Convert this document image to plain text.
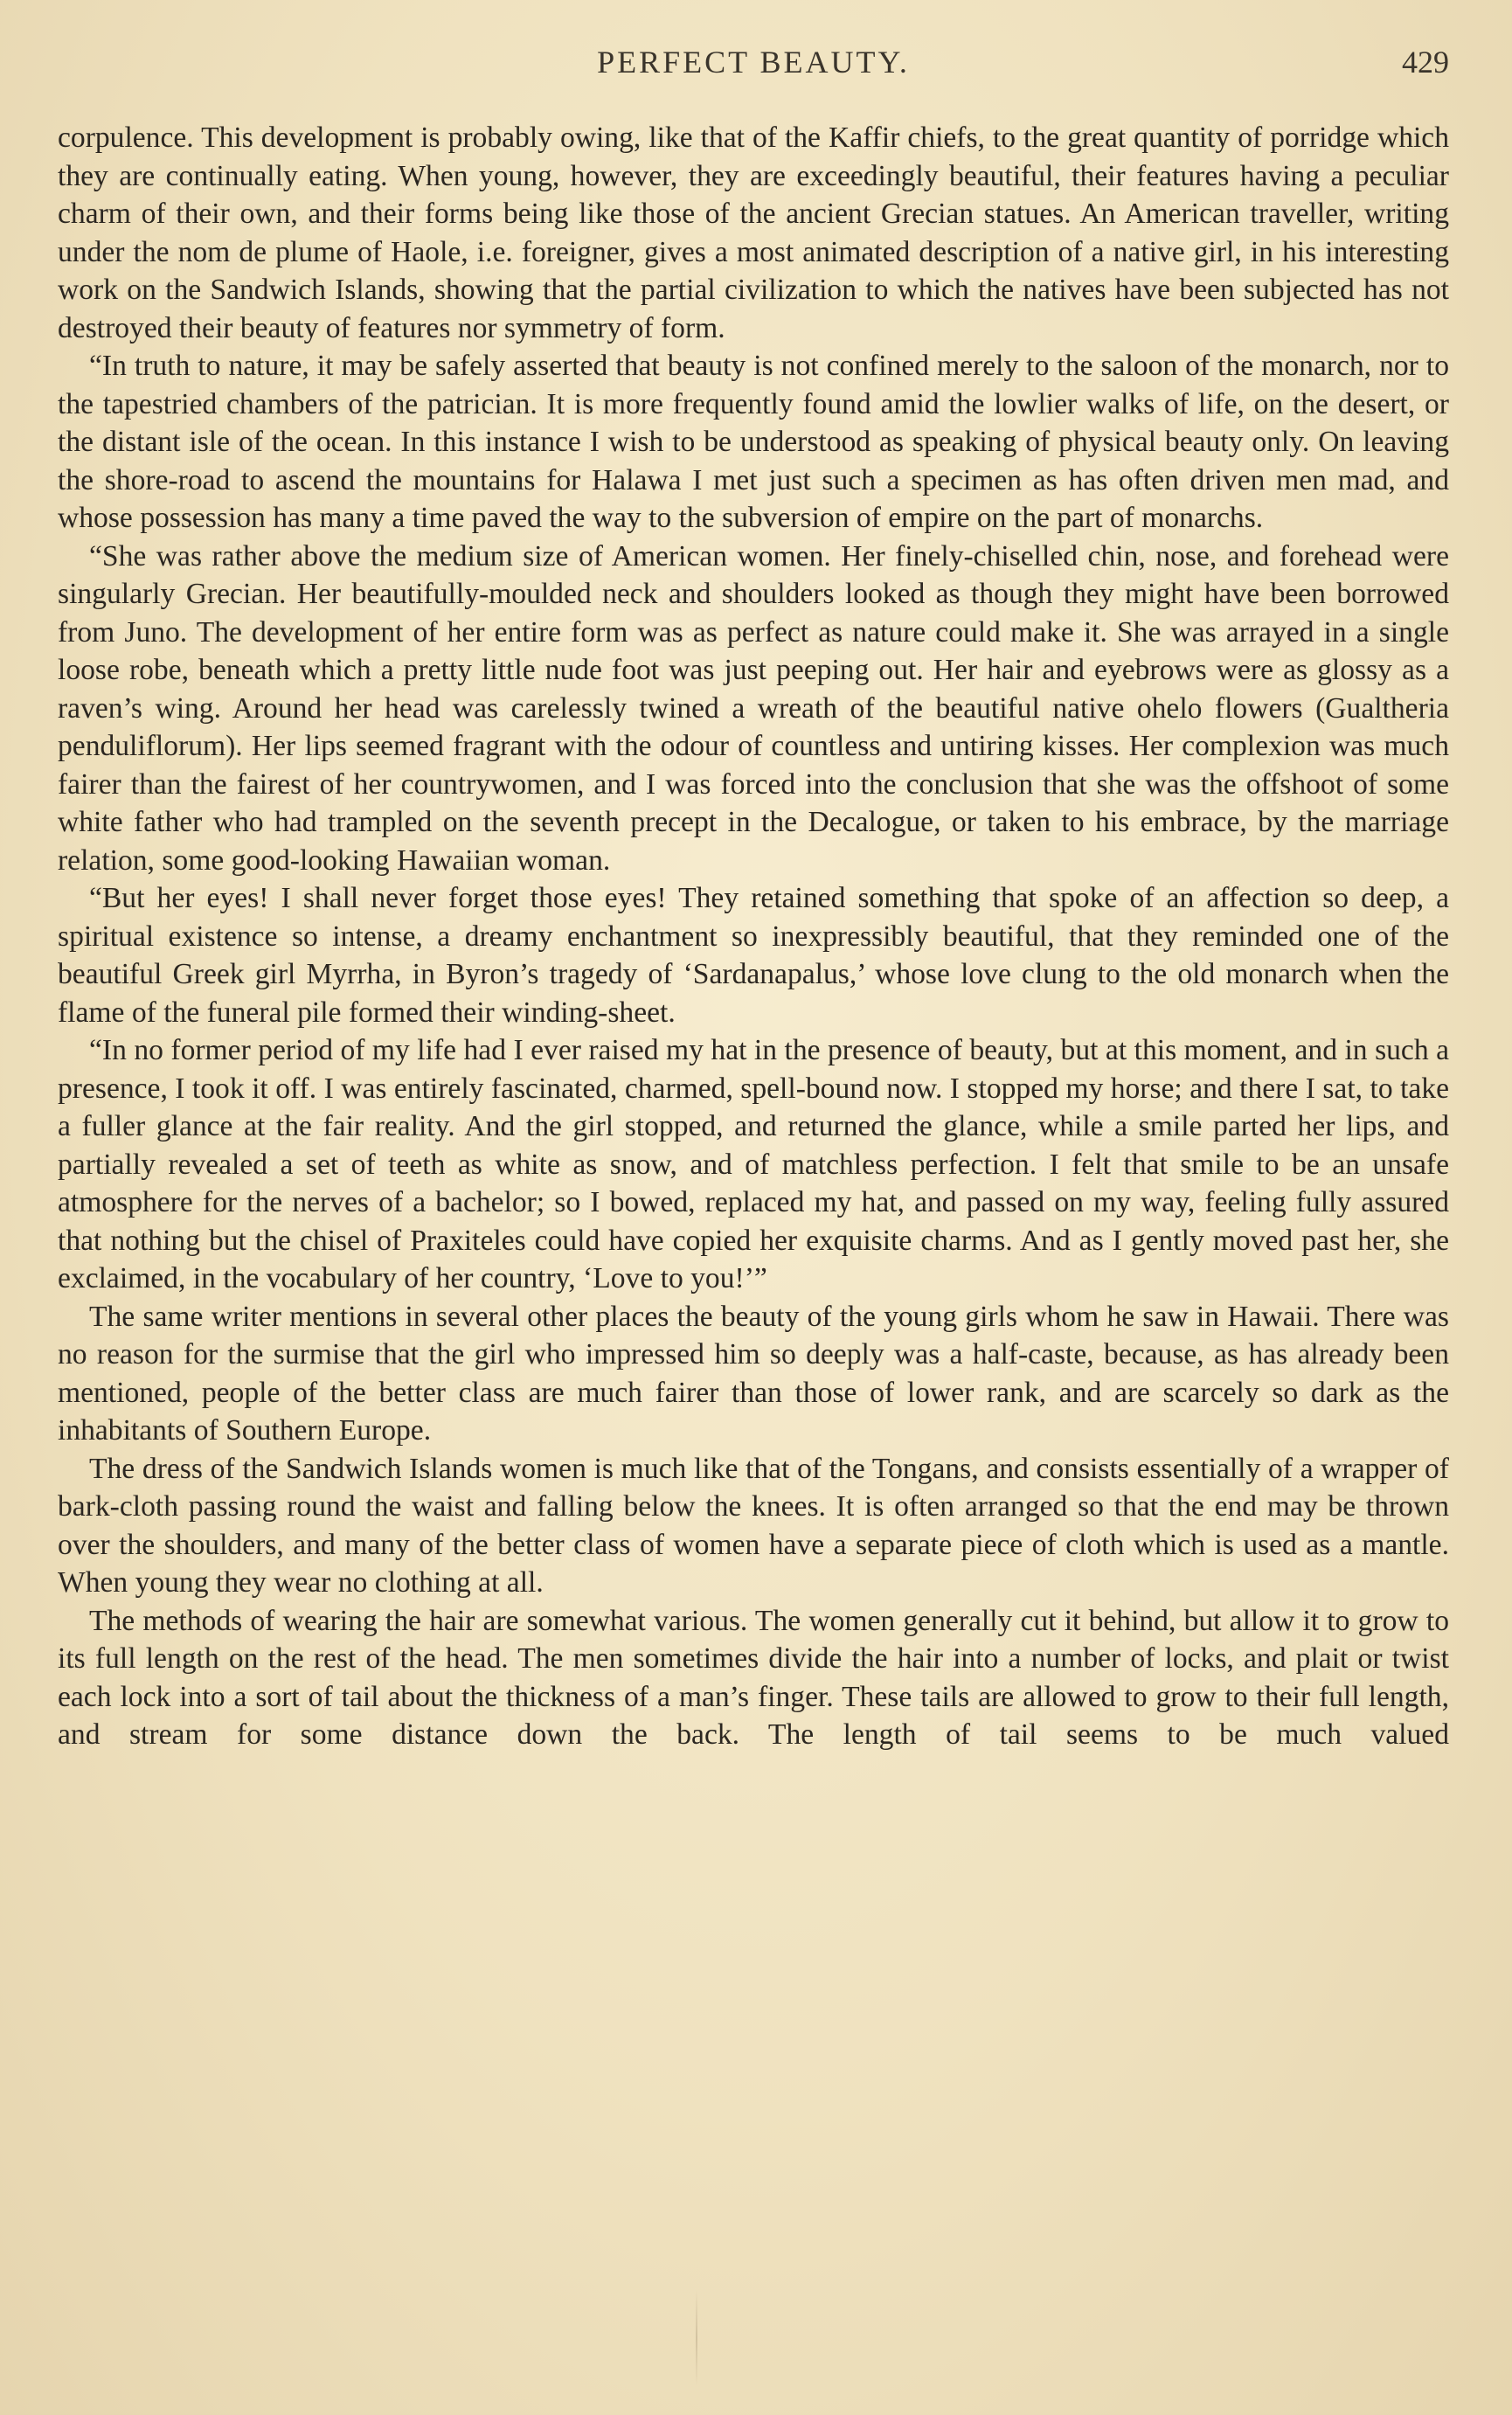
PERFECT BEAUTY.	429

corpulence. This development is probably owing, like that of the Kaffir chiefs, to the great quantity of porridge which they are continually eating. When young, however, they are exceedingly beautiful, their features having a peculiar charm of their own, and their forms being like those of the ancient Grecian statues. An American traveller, writing under the nom de plume of Haole, i.e. foreigner, gives a most animated description of a native girl, in his interesting work on the Sandwich Islands, showing that the partial civilization to which the natives have been subjected has not destroyed their beauty of features nor symmetry of form.

“In truth to nature, it may be safely asserted that beauty is not confined merely to the saloon of the monarch, nor to the tapestried chambers of the patrician. It is more frequently found amid the lowlier walks of life, on the desert, or the distant isle of the ocean. In this instance I wish to be understood as speaking of physical beauty only. On leaving the shore-road to ascend the mountains for Halawa I met just such a specimen as has often driven men mad, and whose possession has many a time paved the way to the subversion of empire on the part of monarchs.

“She was rather above the medium size of American women. Her finely-chiselled chin, nose, and forehead were singularly Grecian. Her beautifully-moulded neck and shoulders looked as though they might have been borrowed from Juno. The development of her entire form was as perfect as nature could make it. She was arrayed in a single loose robe, beneath which a pretty little nude foot was just peeping out. Her hair and eyebrows were as glossy as a raven’s wing. Around her head was carelessly twined a wreath of the beautiful native ohelo flowers (Gualtheria penduliflorum). Her lips seemed fragrant with the odour of countless and untiring kisses. Her complexion was much fairer than the fairest of her countrywomen, and I was forced into the conclusion that she was the offshoot of some white father who had trampled on the seventh precept in the Decalogue, or taken to his embrace, by the marriage relation, some good-looking Hawaiian woman.

“But her eyes! I shall never forget those eyes! They retained something that spoke of an affection so deep, a spiritual existence so intense, a dreamy enchantment so inexpressibly beautiful, that they reminded one of the beautiful Greek girl Myrrha, in Byron’s tragedy of ‘Sardanapalus,’ whose love clung to the old monarch when the flame of the funeral pile formed their winding-sheet.

“In no former period of my life had I ever raised my hat in the presence of beauty, but at this moment, and in such a presence, I took it off. I was entirely fascinated, charmed, spell-bound now. I stopped my horse; and there I sat, to take a fuller glance at the fair reality. And the girl stopped, and returned the glance, while a smile parted her lips, and partially revealed a set of teeth as white as snow, and of matchless perfection. I felt that smile to be an unsafe atmosphere for the nerves of a bachelor; so I bowed, replaced my hat, and passed on my way, feeling fully assured that nothing but the chisel of Praxiteles could have copied her exquisite charms. And as I gently moved past her, she exclaimed, in the vocabulary of her country, ‘Love to you!’”

The same writer mentions in several other places the beauty of the young girls whom he saw in Hawaii. There was no reason for the surmise that the girl who impressed him so deeply was a half-caste, because, as has already been mentioned, people of the better class are much fairer than those of lower rank, and are scarcely so dark as the inhabitants of Southern Europe.

The dress of the Sandwich Islands women is much like that of the Tongans, and consists essentially of a wrapper of bark-cloth passing round the waist and falling below the knees. It is often arranged so that the end may be thrown over the shoulders, and many of the better class of women have a separate piece of cloth which is used as a mantle. When young they wear no clothing at all.

The methods of wearing the hair are somewhat various. The women generally cut it behind, but allow it to grow to its full length on the rest of the head. The men sometimes divide the hair into a number of locks, and plait or twist each lock into a sort of tail about the thickness of a man’s finger. These tails are allowed to grow to their full length, and stream for some distance down the back. The length of tail seems to be much valued
